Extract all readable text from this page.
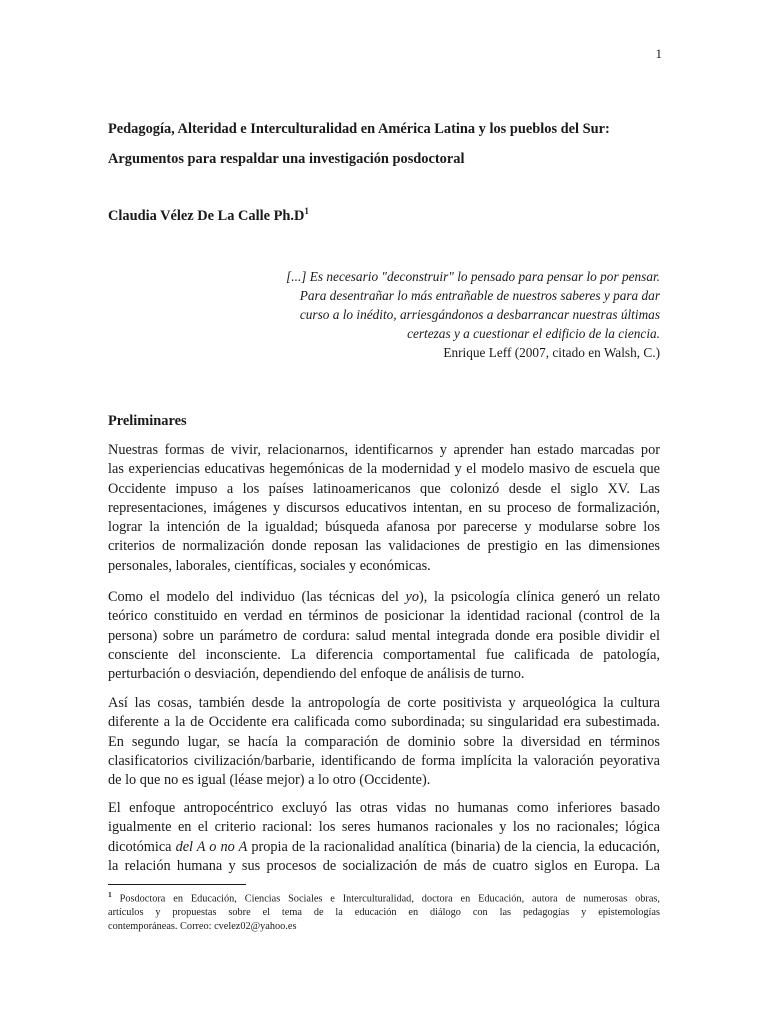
1

Pedagogía, Alteridad e Interculturalidad en América Latina y los pueblos del Sur:

Argumentos para respaldar una investigación posdoctoral

Claudia Vélez De La Calle $Ph.D^1$

[...] Es necesario "deconstruir" lo pensado para pensar lo por pensar.
Para desentrañar lo más entrañable de nuestros saberes y para dar
curso a lo inédito, arriesgándonos a desbarrancar nuestras últimas
certezas y a cuestionar el edificio de la ciencia.
Enrique Leff (2007, citado en Walsh, C.)

Preliminares

Nuestras formas de vivir, relacionarnos, identificarnos y aprender han estado marcadas por
las experiencias educativas hegemónicas de la modernidad y el modelo masivo de escuela que
Occidente impuso a los países latinoamericanos que colonizó desde el siglo XV. Las
representaciones, imágenes y discursos educativos intentan, en su proceso de formalización,
lograr la intención de la igualdad; búsqueda afanosa por parecerse y modularse sobre los
criterios de normalización donde reposan las validaciones de prestigio en las dimensiones
personales, laborales, científicas, sociales y económicas.
Como el modelo del individuo (las técnicas del yo), la psicología clínica generó un relato
teórico constituido en verdad en términos de posicionar la identidad racional (control de la
persona) sobre un parámetro de cordura: salud mental integrada donde era posible dividir el
consciente del inconsciente. La diferencia comportamental fue calificada de patología,
perturbación o desviación, dependiendo del enfoque de análisis de turno.
Así las cosas, también desde la antropología de corte positivista y arqueológica la cultura
diferente a la de Occidente era calificada como subordinada; su singularidad era subestimada.
En segundo lugar, se hacía la comparación de dominio sobre la diversidad en términos
clasificatorios civilización/barbarie, identificando de forma implícita la valoración peyorativa
de lo que no es igual (léase mejor) a lo otro (Occidente).
El enfoque antropocéntrico excluyó las otras vidas no humanas como inferiores basado
igualmente en el criterio racional: los seres humanos racionales y los no racionales; lógica
dicotómica del A o no A propia de la racionalidad analítica (binaria) de la ciencia, la educación,
la relación humana y sus procesos de socialización de más de cuatro siglos en Europa. La
$^1$ Posdoctora en Educación, Ciencias Sociales e Interculturalidad, doctora en Educación, autora de numerosas obras,
artículos y propuestas sobre el tema de la educación en diálogo con las pedagogías y epistemologías
contemporáneas. Correo: cvelez02@yahoo.es
